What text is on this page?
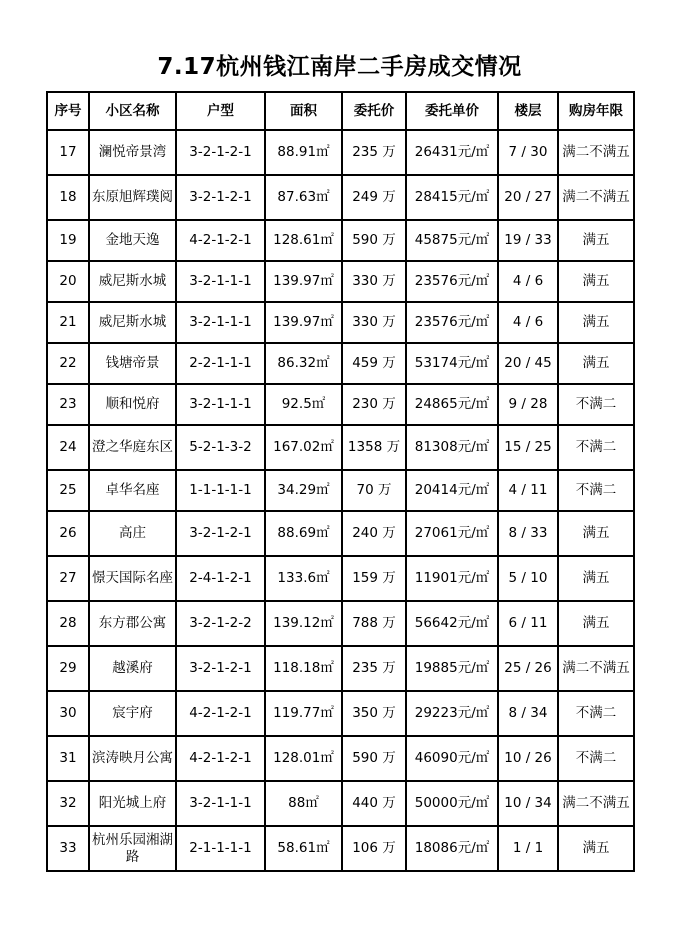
7.17杭州钱江南岸二手房成交情况
序号	小区名称	户型	面积	委托价	委托单价	楼层	购房年限
17	澜悦帝景湾	3-2-1-2-1	88.91㎡	235 万	26431元/㎡	7 / 30	满二不满五
18	东原旭辉璞阅	3-2-1-2-1	87.63㎡	249 万	28415元/㎡	20 / 27	满二不满五
19	金地天逸	4-2-1-2-1	128.61㎡	590 万	45875元/㎡	19 / 33	满五
20	威尼斯水城	3-2-1-1-1	139.97㎡	330 万	23576元/㎡	4 / 6	满五
21	威尼斯水城	3-2-1-1-1	139.97㎡	330 万	23576元/㎡	4 / 6	满五
22	钱塘帝景	2-2-1-1-1	86.32㎡	459 万	53174元/㎡	20 / 45	满五
23	顺和悦府	3-2-1-1-1	92.5㎡	230 万	24865元/㎡	9 / 28	不满二
24	澄之华庭东区	5-2-1-3-2	167.02㎡	1358 万	81308元/㎡	15 / 25	不满二
25	卓华名座	1-1-1-1-1	34.29㎡	70 万	20414元/㎡	4 / 11	不满二
26	高庄	3-2-1-2-1	88.69㎡	240 万	27061元/㎡	8 / 33	满五
27	憬天国际名座	2-4-1-2-1	133.6㎡	159 万	11901元/㎡	5 / 10	满五
28	东方郡公寓	3-2-1-2-2	139.12㎡	788 万	56642元/㎡	6 / 11	满五
29	越溪府	3-2-1-2-1	118.18㎡	235 万	19885元/㎡	25 / 26	满二不满五
30	宸宇府	4-2-1-2-1	119.77㎡	350 万	29223元/㎡	8 / 34	不满二
31	滨涛映月公寓	4-2-1-2-1	128.01㎡	590 万	46090元/㎡	10 / 26	不满二
32	阳光城上府	3-2-1-1-1	88㎡	440 万	50000元/㎡	10 / 34	满二不满五
33	杭州乐园湘湖路	2-1-1-1-1	58.61㎡	106 万	18086元/㎡	1 / 1	满五
